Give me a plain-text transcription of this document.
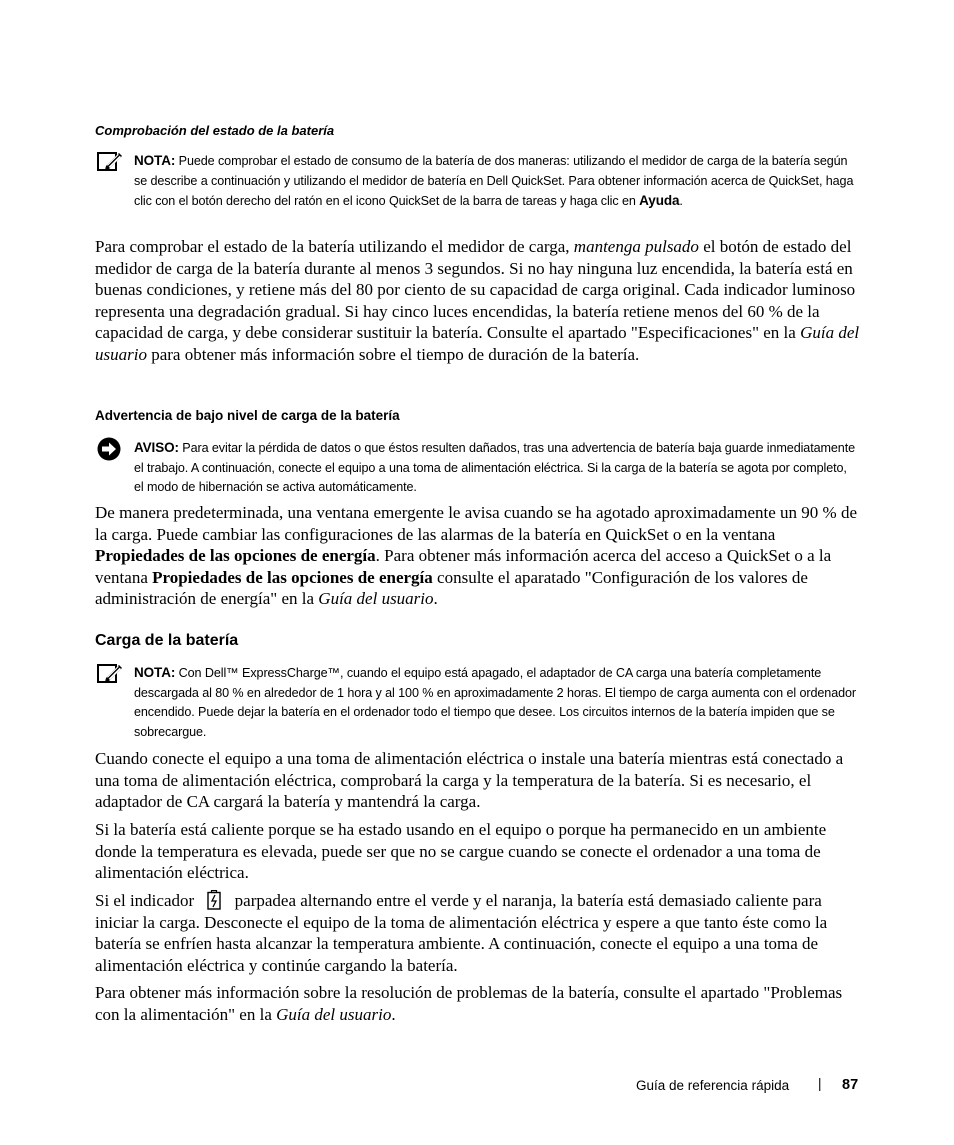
Comprobación del estado de la batería
NOTA: Puede comprobar el estado de consumo de la batería de dos maneras: utilizando el medidor de carga de la batería según se describe a continuación y utilizando el medidor de batería en Dell QuickSet. Para obtener información acerca de QuickSet, haga clic con el botón derecho del ratón en el icono QuickSet de la barra de tareas y haga clic en Ayuda.

Para comprobar el estado de la batería utilizando el medidor de carga, mantenga pulsado el botón de estado del medidor de carga de la batería durante al menos 3 segundos. Si no hay ninguna luz encendida, la batería está en buenas condiciones, y retiene más del 80 por ciento de su capacidad de carga original. Cada indicador luminoso representa una degradación gradual. Si hay cinco luces encendidas, la batería retiene menos del 60 % de la capacidad de carga, y debe considerar sustituir la batería. Consulte el apartado "Especificaciones" en la Guía del usuario para obtener más información sobre el tiempo de duración de la batería.

Advertencia de bajo nivel de carga de la batería
AVISO: Para evitar la pérdida de datos o que éstos resulten dañados, tras una advertencia de batería baja guarde inmediatamente el trabajo. A continuación, conecte el equipo a una toma de alimentación eléctrica. Si la carga de la batería se agota por completo, el modo de hibernación se activa automáticamente.

De manera predeterminada, una ventana emergente le avisa cuando se ha agotado aproximadamente un 90 % de la carga. Puede cambiar las configuraciones de las alarmas de la batería en QuickSet o en la ventana Propiedades de las opciones de energía. Para obtener más información acerca del acceso a QuickSet o a la ventana Propiedades de las opciones de energía consulte el aparatado "Configuración de los valores de administración de energía" en la Guía del usuario.

Carga de la batería
NOTA: Con Dell™ ExpressCharge™, cuando el equipo está apagado, el adaptador de CA carga una batería completamente descargada al 80 % en alrededor de 1 hora y al 100 % en aproximadamente 2 horas. El tiempo de carga aumenta con el ordenador encendido. Puede dejar la batería en el ordenador todo el tiempo que desee. Los circuitos internos de la batería impiden que se sobrecargue.

Cuando conecte el equipo a una toma de alimentación eléctrica o instale una batería mientras está conectado a una toma de alimentación eléctrica, comprobará la carga y la temperatura de la batería. Si es necesario, el adaptador de CA cargará la batería y mantendrá la carga.

Si la batería está caliente porque se ha estado usando en el equipo o porque ha permanecido en un ambiente donde la temperatura es elevada, puede ser que no se cargue cuando se conecte el ordenador a una toma de alimentación eléctrica.

Si el indicador  parpadea alternando entre el verde y el naranja, la batería está demasiado caliente para iniciar la carga. Desconecte el equipo de la toma de alimentación eléctrica y espere a que tanto éste como la batería se enfríen hasta alcanzar la temperatura ambiente. A continuación, conecte el equipo a una toma de alimentación eléctrica y continúe cargando la batería.

Para obtener más información sobre la resolución de problemas de la batería, consulte el apartado "Problemas con la alimentación" en la Guía del usuario.

Guía de referencia rápida | 87
